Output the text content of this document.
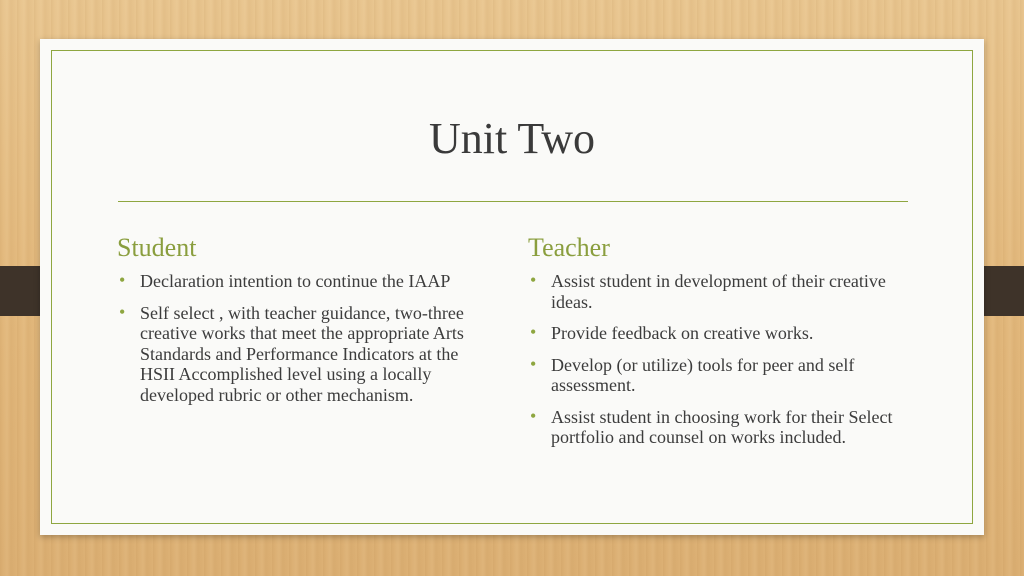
Unit Two
Student
• Declaration intention to continue the IAAP
• Self select , with teacher guidance, two-three creative works that meet the appropriate Arts Standards and Performance Indicators at the HSII Accomplished level using a locally developed rubric or other mechanism.
Teacher
• Assist student in development of their creative ideas.
• Provide feedback on creative works.
• Develop (or utilize) tools for peer and self assessment.
• Assist student in choosing work for their Select portfolio and counsel on works included.
